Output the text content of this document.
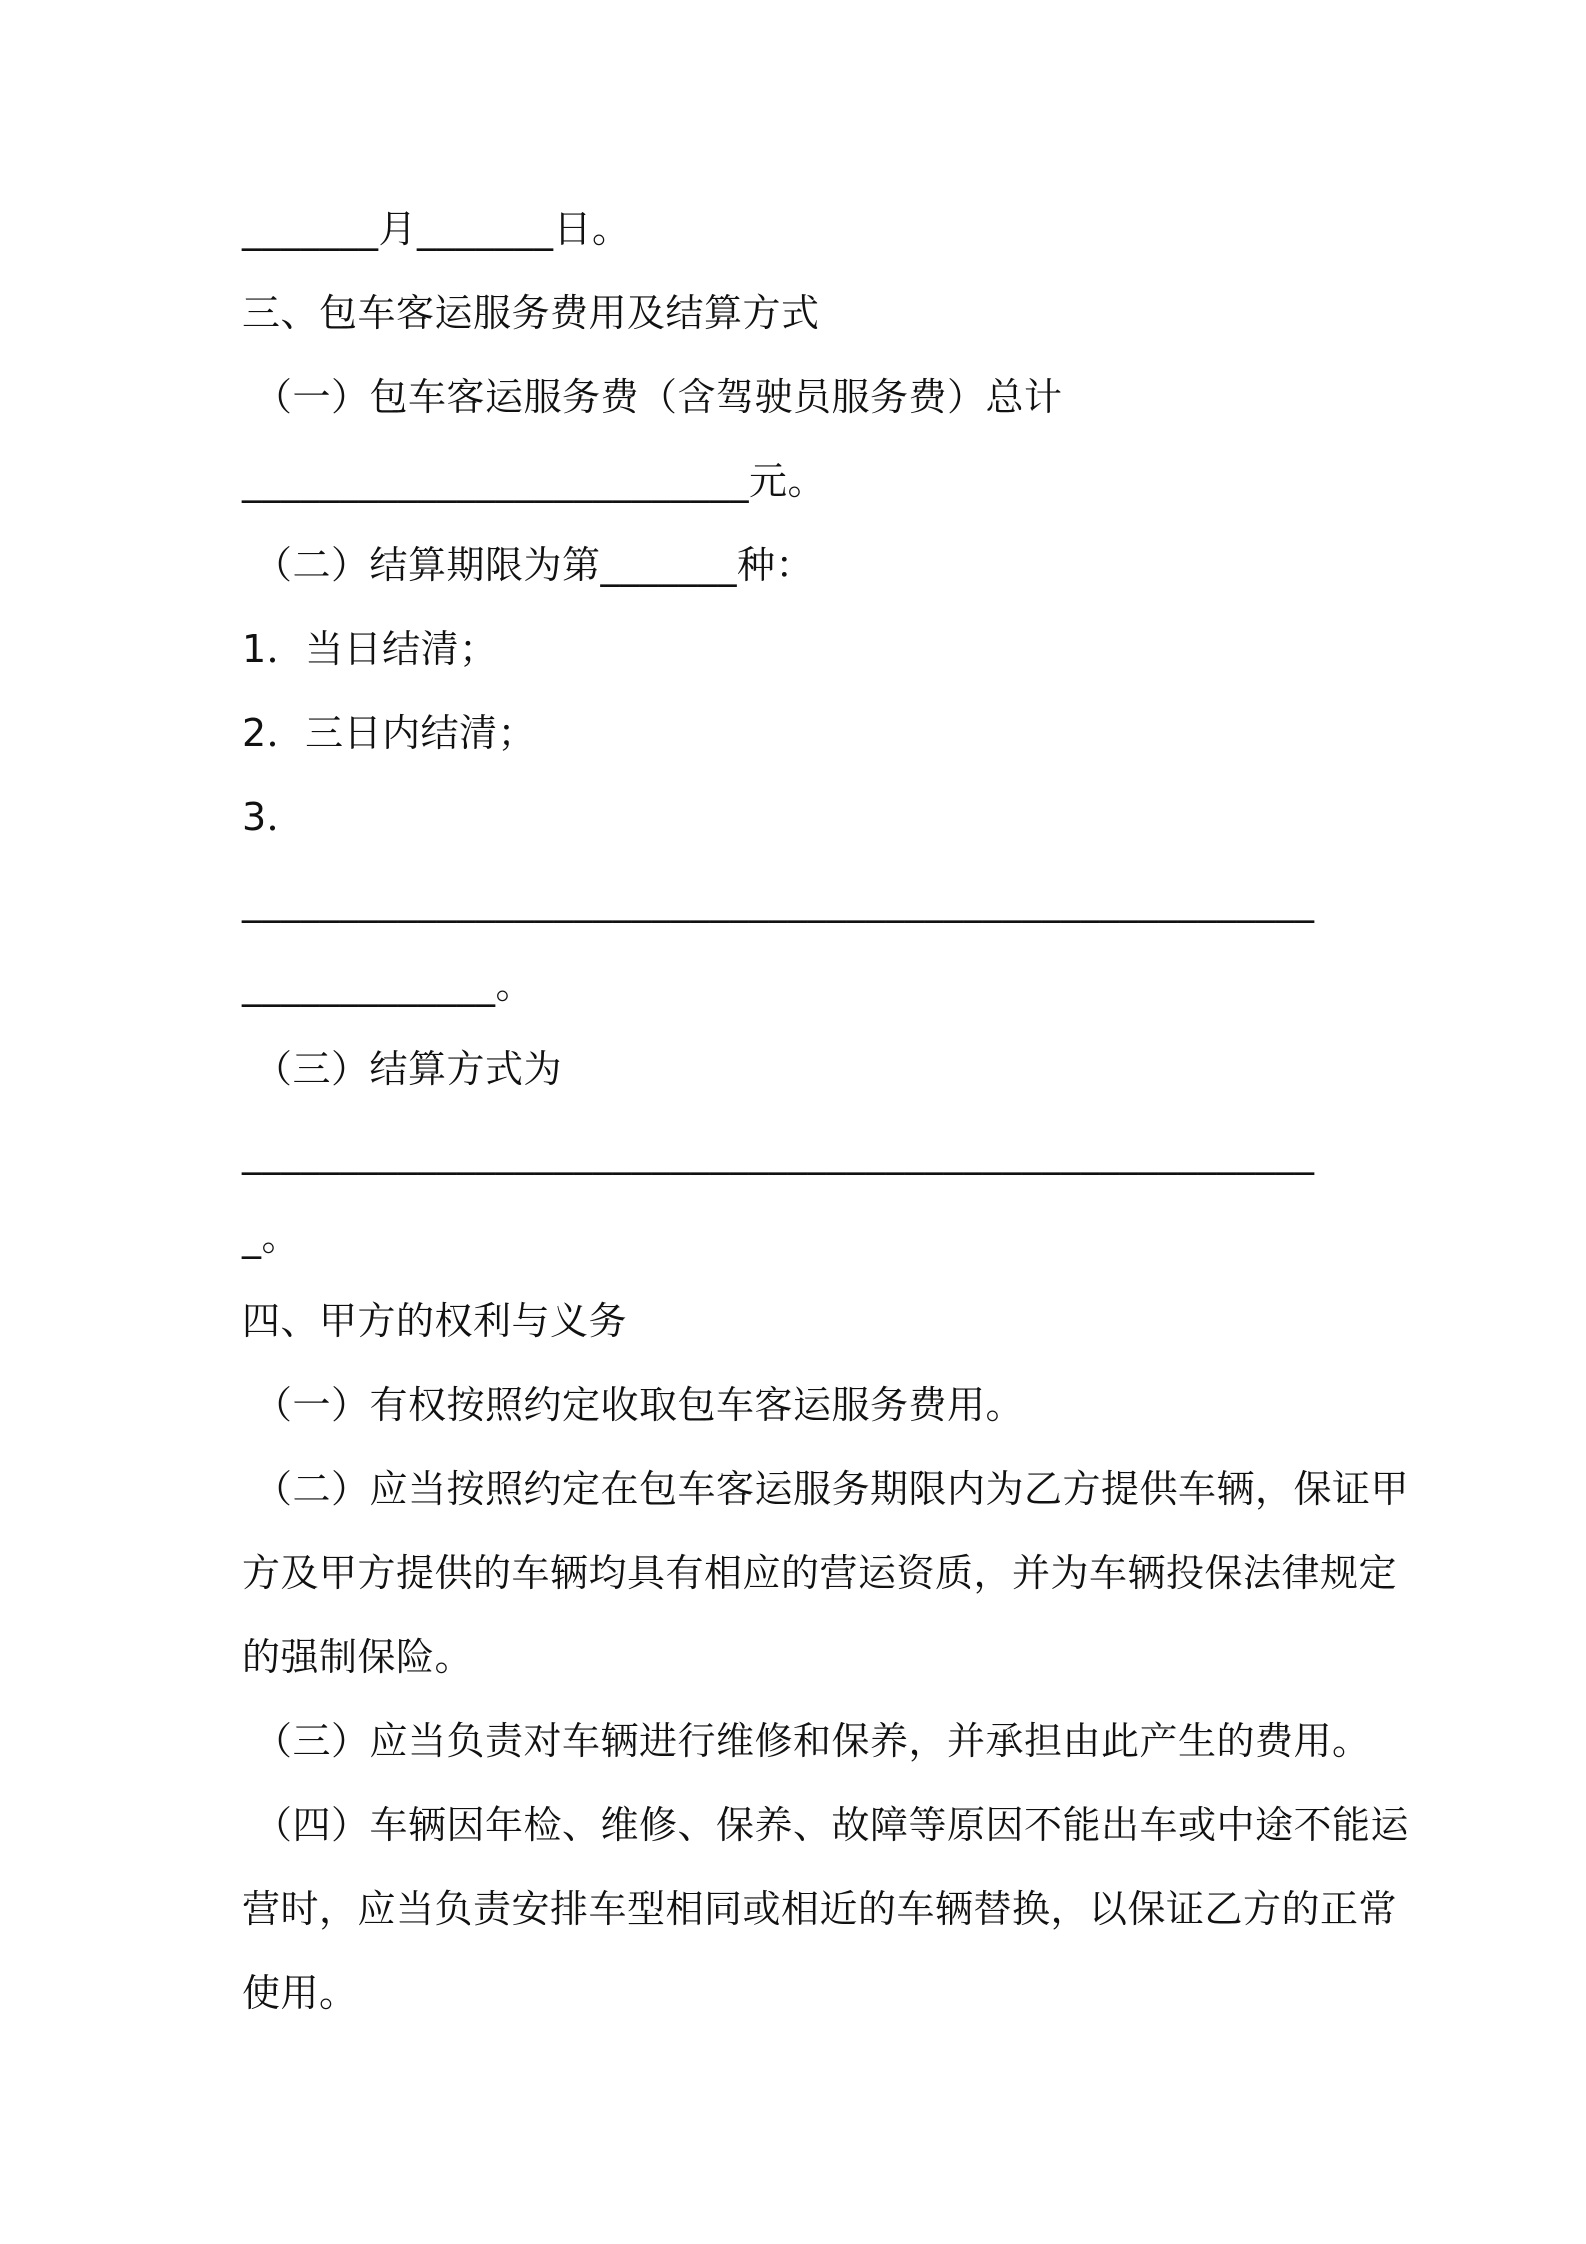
_______月_______日。
三、包车客运服务费用及结算方式
（一）包车客运服务费（含驾驶员服务费）总计
__________________________元。
（二）结算期限为第_______种：
1．当日结清；
2．三日内结清；
3．
_______________________________________________________
_____________。
（三）结算方式为
_______________________________________________________
_。
四、甲方的权利与义务
（一）有权按照约定收取包车客运服务费用。
（二）应当按照约定在包车客运服务期限内为乙方提供车辆，保证甲
方及甲方提供的车辆均具有相应的营运资质，并为车辆投保法律规定
的强制保险。
（三）应当负责对车辆进行维修和保养，并承担由此产生的费用。
（四）车辆因年检、维修、保养、故障等原因不能出车或中途不能运
营时，应当负责安排车型相同或相近的车辆替换，以保证乙方的正常
使用。
